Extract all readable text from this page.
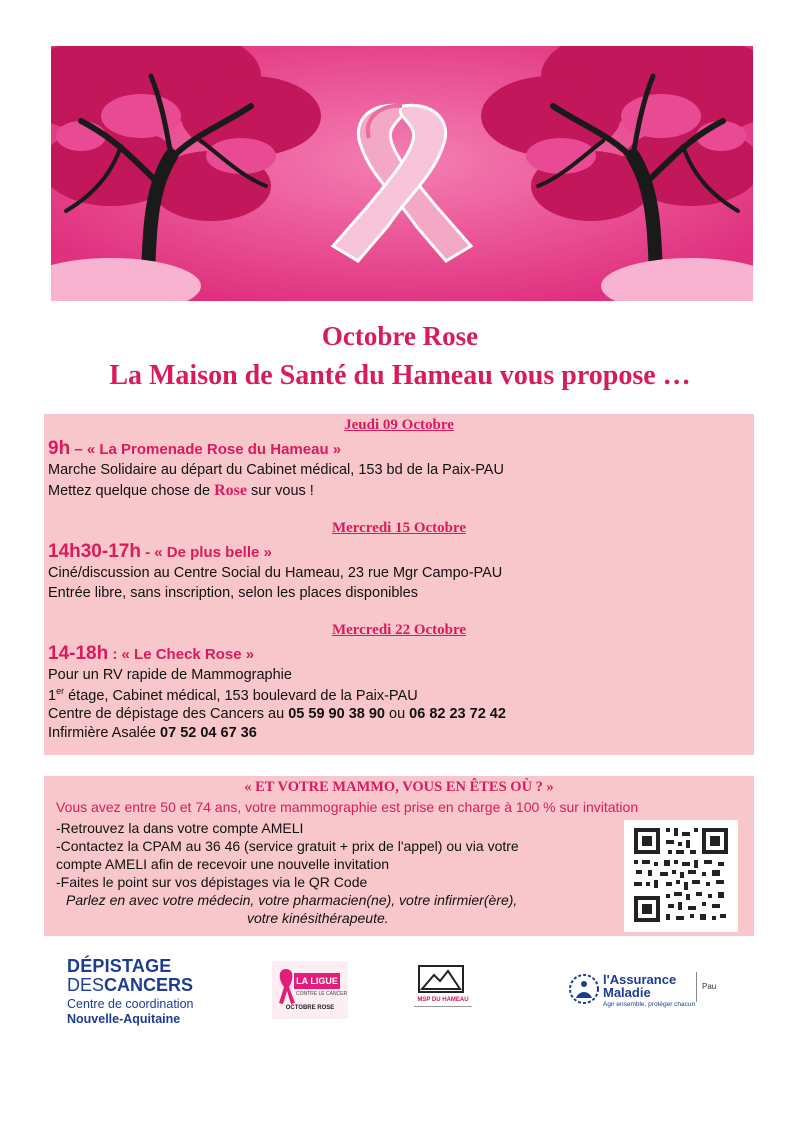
Octobre Rose
La Maison de Santé du Hameau vous propose …
Jeudi 09 Octobre
9h – « La Promenade Rose du Hameau »
Marche Solidaire au départ du Cabinet médical, 153 bd de la Paix-PAU
Mettez quelque chose de Rose sur vous !
Mercredi 15 Octobre
14h30-17h - « De plus belle »
Ciné/discussion au Centre Social du Hameau, 23 rue Mgr Campo-PAU
Entrée libre, sans inscription, selon les places disponibles
Mercredi 22 Octobre
14-18h : « Le Check Rose »
Pour un RV rapide de Mammographie
1er étage, Cabinet médical, 153 boulevard de la Paix-PAU
Centre de dépistage des Cancers au 05 59 90 38 90 ou 06 82 23 72 42
Infirmière Asalée 07 52 04 67 36
« ET VOTRE MAMMO, VOUS EN ÊTES OÙ ? »
Vous avez entre 50 et 74 ans, votre mammographie est prise en charge à 100 % sur invitation
-Retrouvez la dans votre compte AMELI
-Contactez la CPAM au 36 46 (service gratuit + prix de l'appel) ou via votre
compte AMELI afin de recevoir une nouvelle invitation
-Faites le point sur vos dépistages via le QR Code
Parlez en avec votre médecin, votre pharmacien(ne), votre infirmier(ère),
votre kinésithérapeute.
DÉPISTAGE
DESCANCERS
Centre de coordination
Nouvelle-Aquitaine
LA LIGUE
CONTRE LE CANCER
OCTOBRE ROSE
MSP DU HAMEAU
l'Assurance
Maladie
Agir ensemble, protéger chacun
Pau
